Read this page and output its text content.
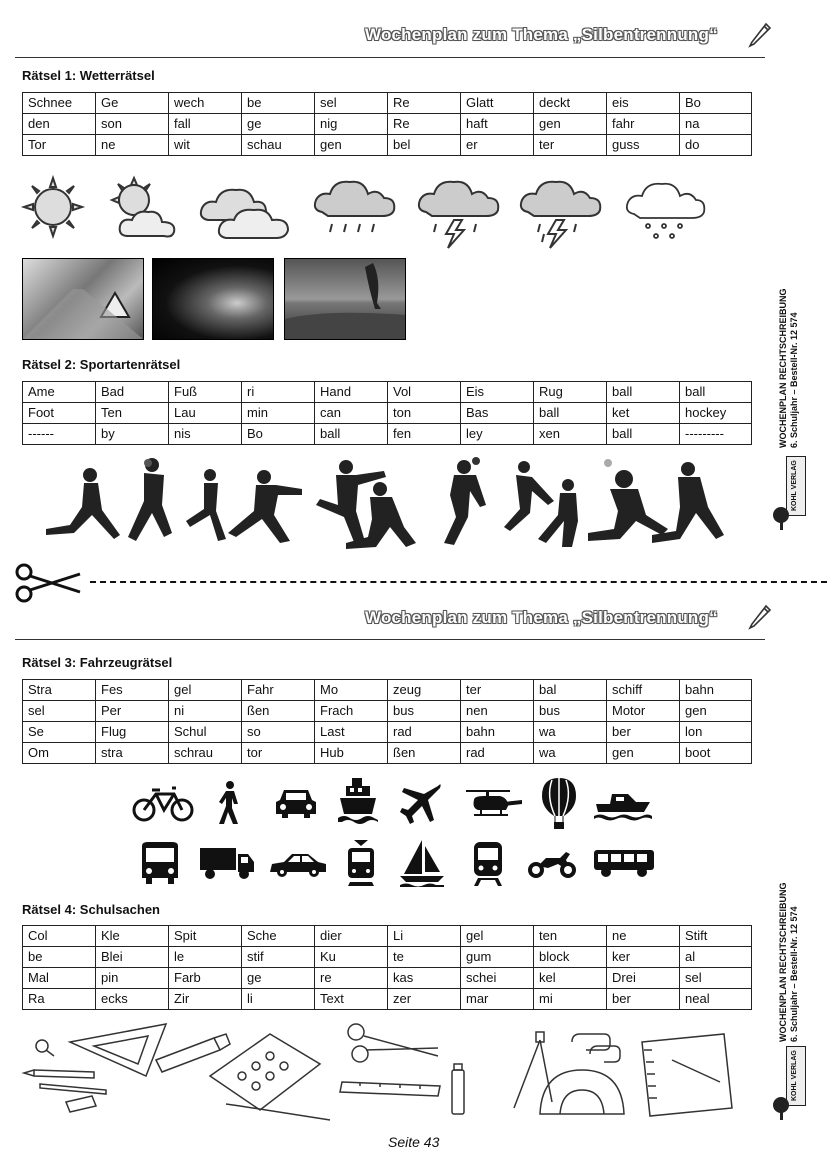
Wochenplan zum Thema „Silbentrennung“
Rätsel 1: Wetterrätsel
Schnee	Ge	wech	be	sel	Re	Glatt	deckt	eis	Bo
den	son	fall	ge	nig	Re	haft	gen	fahr	na
Tor	ne	wit	schau	gen	bel	er	ter	guss	do
Rätsel 2: Sportartenrätsel
Ame	Bad	Fuß	ri	Hand	Vol	Eis	Rug	ball	ball
Foot	Ten	Lau	min	can	ton	Bas	ball	ket	hockey
------	by	nis	Bo	ball	fen	ley	xen	ball	---------
Wochenplan zum Thema „Silbentrennung“
Rätsel 3: Fahrzeugrätsel
Stra	Fes	gel	Fahr	Mo	zeug	ter	bal	schiff	bahn
sel	Per	ni	ßen	Frach	bus	nen	bus	Motor	gen
Se	Flug	Schul	so	Last	rad	bahn	wa	ber	lon
Om	stra	schrau	tor	Hub	ßen	rad	wa	gen	boot
Rätsel 4: Schulsachen
Col	Kle	Spit	Sche	dier	Li	gel	ten	ne	Stift
be	Blei	le	stif	Ku	te	gum	block	ker	al
Mal	pin	Farb	ge	re	kas	schei	kel	Drei	sel
Ra	ecks	Zir	li	Text	zer	mar	mi	ber	neal
WOCHENPLAN RECHTSCHREIBUNG 6. Schuljahr – Bestell-Nr. 12 574
KOHL VERLAG
WOCHENPLAN RECHTSCHREIBUNG 6. Schuljahr – Bestell-Nr. 12 574
KOHL VERLAG
Seite 43
